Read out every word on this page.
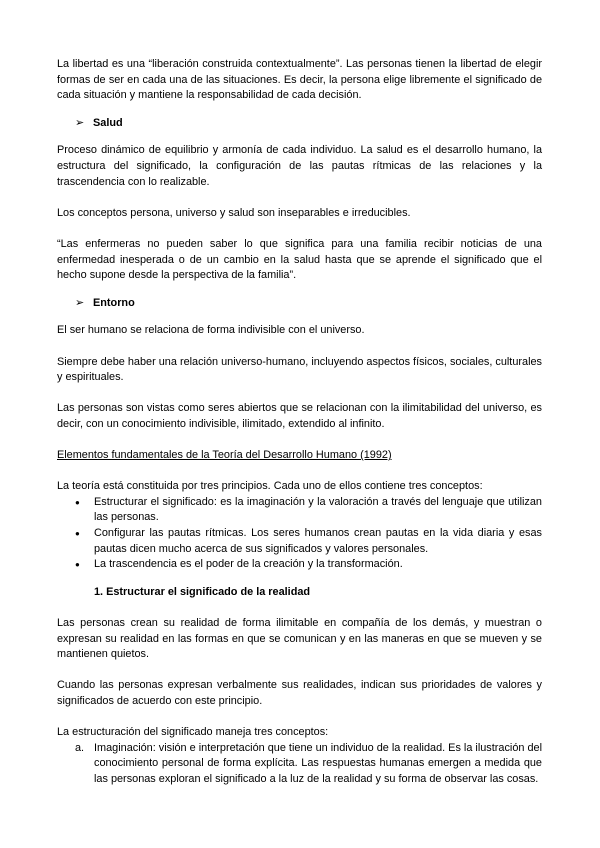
La libertad es una “liberación construida contextualmente”. Las personas tienen la libertad de elegir formas de ser en cada una de las situaciones. Es decir, la persona elige libremente el significado de cada situación y mantiene la responsabilidad de cada decisión.

➢ Salud

Proceso dinámico de equilibrio y armonía de cada individuo. La salud es el desarrollo humano, la estructura del significado, la configuración de las pautas rítmicas de las relaciones y la trascendencia con lo realizable.

Los conceptos persona, universo y salud son inseparables e irreducibles.

“Las enfermeras no pueden saber lo que significa para una familia recibir noticias de una enfermedad inesperada o de un cambio en la salud hasta que se aprende el significado que el hecho supone desde la perspectiva de la familia”.

➢ Entorno

El ser humano se relaciona de forma indivisible con el universo.

Siempre debe haber una relación universo-humano, incluyendo aspectos físicos, sociales, culturales y espirituales.

Las personas son vistas como seres abiertos que se relacionan con la ilimitabilidad del universo, es decir, con un conocimiento indivisible, ilimitado, extendido al infinito.

Elementos fundamentales de la Teoría del Desarrollo Humano (1992)

La teoría está constituida por tres principios. Cada uno de ellos contiene tres conceptos:

● Estructurar el significado: es la imaginación y la valoración a través del lenguaje que utilizan las personas.
● Configurar las pautas rítmicas. Los seres humanos crean pautas en la vida diaria y esas pautas dicen mucho acerca de sus significados y valores personales.
● La trascendencia es el poder de la creación y la transformación.

1. Estructurar el significado de la realidad

Las personas crean su realidad de forma ilimitable en compañía de los demás, y muestran o expresan su realidad en las formas en que se comunican y en las maneras en que se mueven y se mantienen quietos.

Cuando las personas expresan verbalmente sus realidades, indican sus prioridades de valores y significados de acuerdo con este principio.

La estructuración del significado maneja tres conceptos:

a. Imaginación: visión e interpretación que tiene un individuo de la realidad. Es la ilustración del conocimiento personal de forma explícita. Las respuestas humanas emergen a medida que las personas exploran el significado a la luz de la realidad y su forma de observar las cosas.
